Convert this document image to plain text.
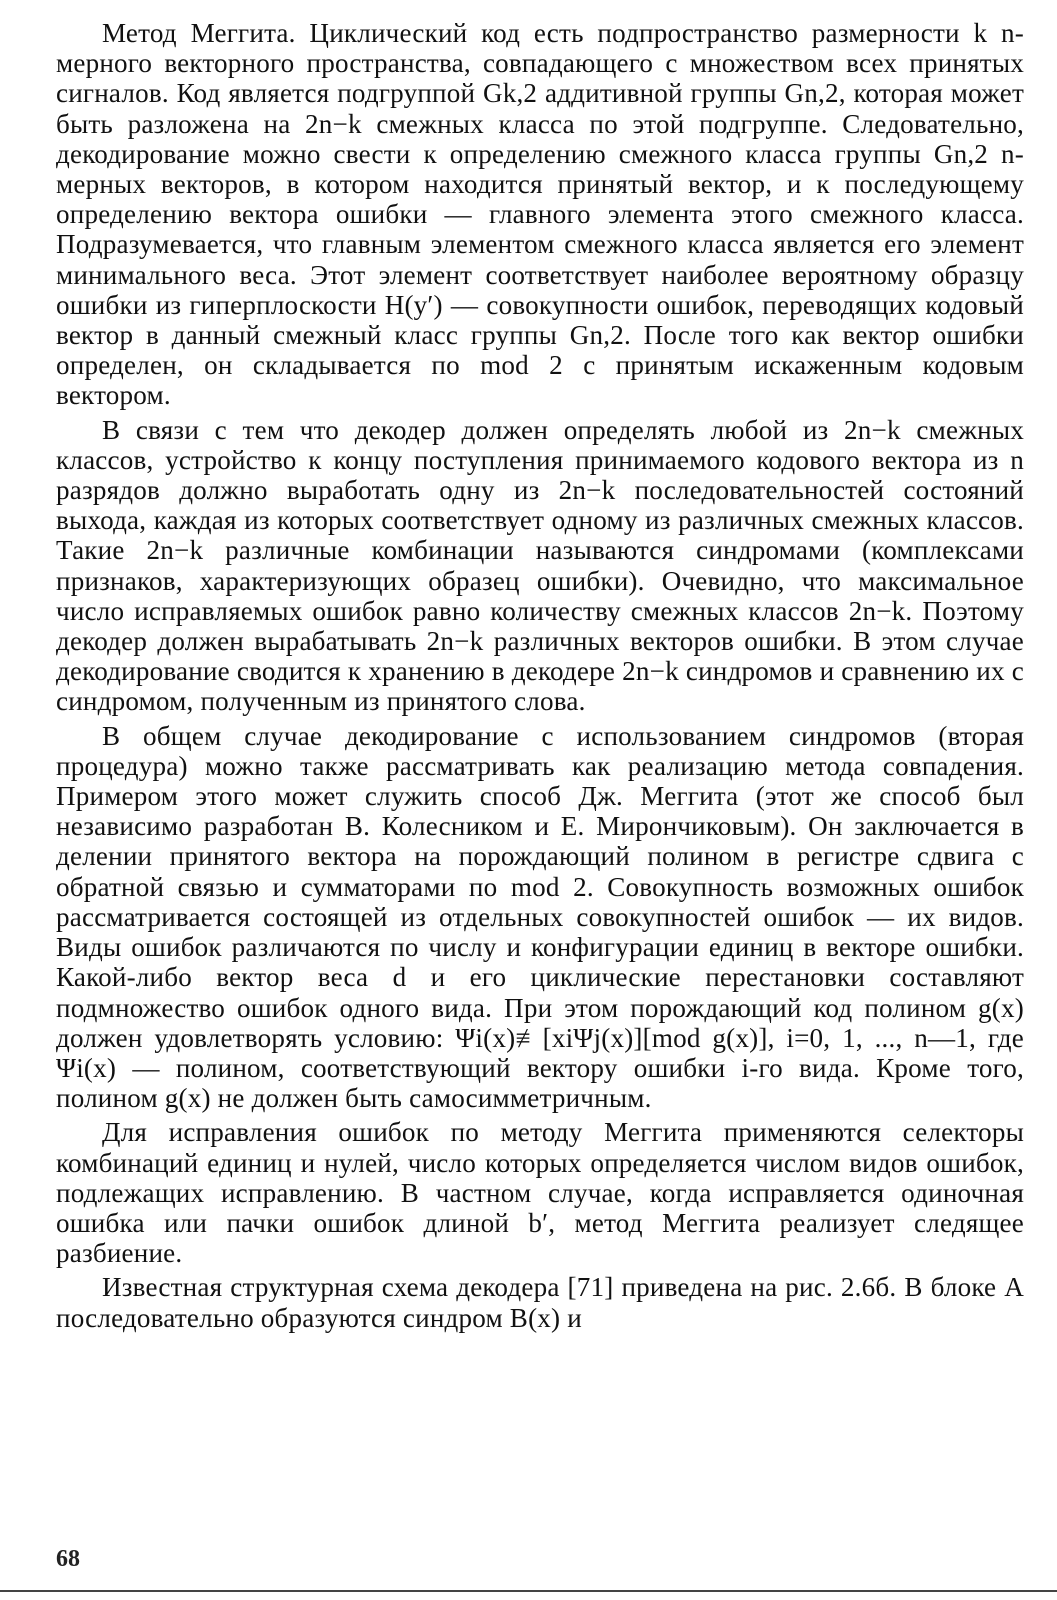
Метод Меггита. Циклический код есть подпространство размерности k n-мерного векторного пространства, совпадающего с множеством всех принятых сигналов. Код является подгруппой Gk,2 аддитивной группы Gn,2, которая может быть разложена на 2n−k смежных класса по этой подгруппе. Следовательно, декодирование можно свести к определению смежного класса группы Gn,2 n-мерных векторов, в котором находится принятый вектор, и к последующему определению вектора ошибки — главного элемента этого смежного класса. Подразумевается, что главным элементом смежного класса является его элемент минимального веса. Этот элемент соответствует наиболее вероятному образцу ошибки из гиперплоскости H(y′) — совокупности ошибок, переводящих кодовый вектор в данный смежный класс группы Gn,2. После того как вектор ошибки определен, он складывается по mod 2 с принятым искаженным кодовым вектором.

В связи с тем что декодер должен определять любой из 2n−k смежных классов, устройство к концу поступления принимаемого кодового вектора из n разрядов должно выработать одну из 2n−k последовательностей состояний выхода, каждая из которых соответствует одному из различных смежных классов. Такие 2n−k различные комбинации называются синдромами (комплексами признаков, характеризующих образец ошибки). Очевидно, что максимальное число исправляемых ошибок равно количеству смежных классов 2n−k. Поэтому декодер должен вырабатывать 2n−k различных векторов ошибки. В этом случае декодирование сводится к хранению в декодере 2n−k синдромов и сравнению их с синдромом, полученным из принятого слова.

В общем случае декодирование с использованием синдромов (вторая процедура) можно также рассматривать как реализацию метода совпадения. Примером этого может служить способ Дж. Меггита (этот же способ был независимо разработан В. Колесником и Е. Мирончиковым). Он заключается в делении принятого вектора на порождающий полином в регистре сдвига с обратной связью и сумматорами по mod 2. Совокупность возможных ошибок рассматривается состоящей из отдельных совокупностей ошибок — их видов. Виды ошибок различаются по числу и конфигурации единиц в векторе ошибки. Какой-либо вектор веса d и его циклические перестановки составляют подмножество ошибок одного вида. При этом порождающий код полином g(x) должен удовлетворять условию: Ψi(x)≢[xiΨj(x)][mod g(x)], i=0, 1, ..., n—1, где Ψi(x) — полином, соответствующий вектору ошибки i-го вида. Кроме того, полином g(x) не должен быть самосимметричным.

Для исправления ошибок по методу Меггита применяются селекторы комбинаций единиц и нулей, число которых определяется числом видов ошибок, подлежащих исправлению. В частном случае, когда исправляется одиночная ошибка или пачки ошибок длиной b′, метод Меггита реализует следящее разбиение.

Известная структурная схема декодера [71] приведена на рис. 2.6б. В блоке A последовательно образуются синдром B(x) и

68
